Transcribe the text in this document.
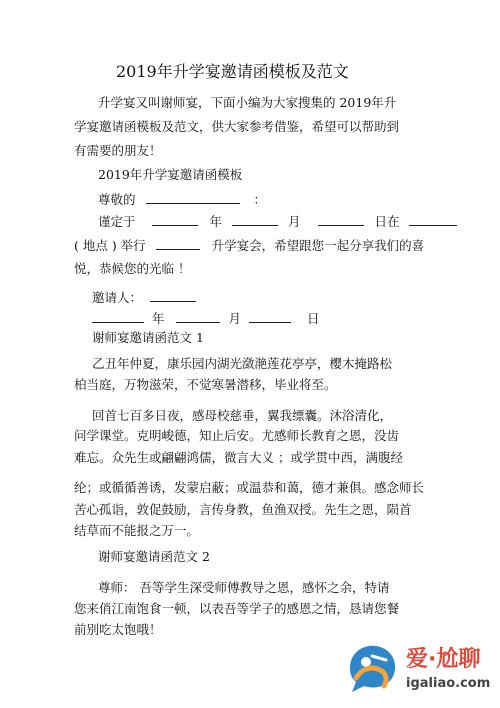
2019年升学宴邀请函模板及范文
升学宴又叫谢师宴，下面小编为大家搜集的 2019年升
学宴邀请函模板及范文，供大家参考借鉴，希望可以帮助到
有需要的朋友！
2019年升学宴邀请函模板
尊敬的	：
谨定于	年	月	日在
( 地点 ) 举行	升学宴会，希望跟您一起分享我们的喜
悦，恭候您的光临 ！
邀请人：
年	月	日
谢师宴邀请函范文 1
乙丑年仲夏，康乐园内湖光潋滟莲花亭亭，樱木掩路松
柏当庭，万物滋荣，不觉寒暑潜移，毕业将至。
回首七百多日夜，感母校慈垂，翼我缥囊。沐浴清化，
问学课堂。克明峻德，知止后安。尤感师长教育之恩，没齿
难忘。众先生或翩翩鸿儒，微言大义 ；或学贯中西，满腹经
纶；或循循善诱，发蒙启蔽；或温恭和蔼，德才兼俱。感念师长
苦心孤诣，敦促鼓励，言传身教，鱼渔双授。先生之恩，陨首
结草而不能报之万一。
谢师宴邀请函范文 2
尊师： 吾等学生深受师傅教导之恩，感怀之余，特请
您来俏江南饱食一顿，以表吾等学子的感恩之情，恳请您餐
前别吃太饱哦！
爱·尬聊
igaliao.com
